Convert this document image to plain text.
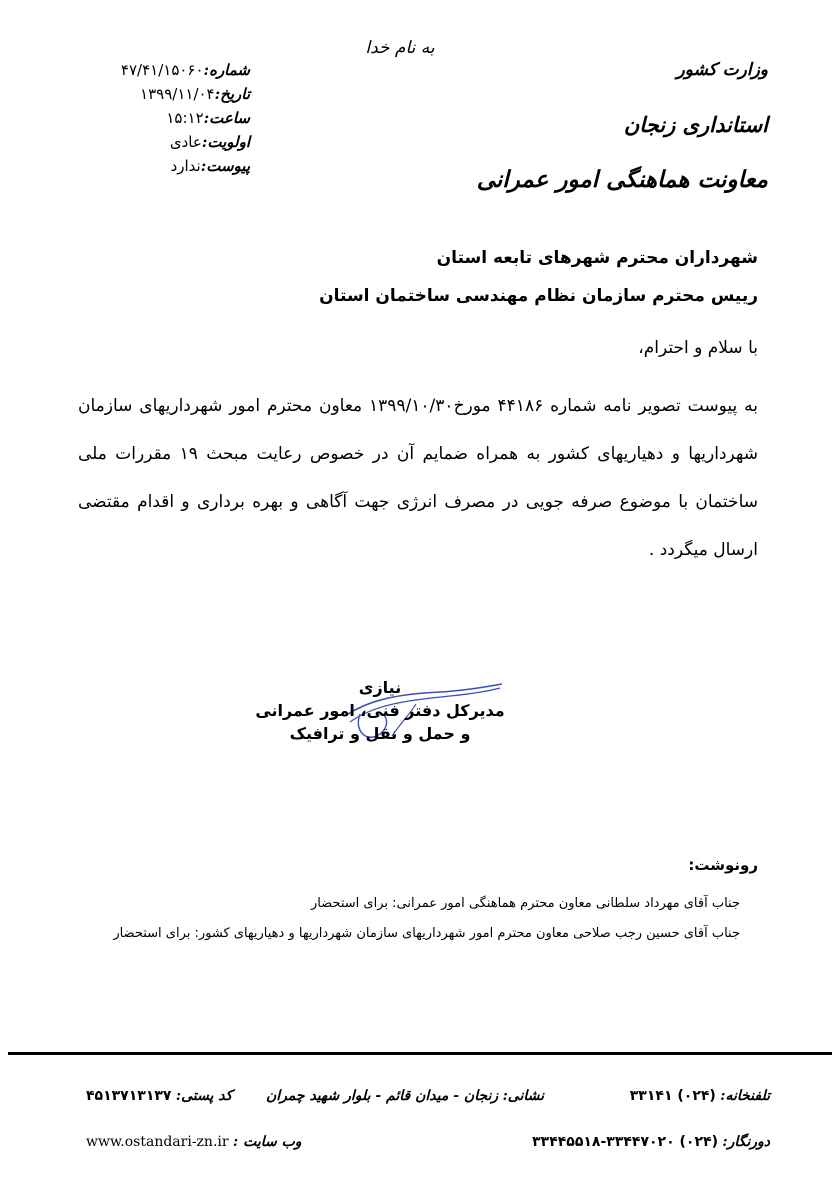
به نام خدا
وزارت کشور
استانداری زنجان
معاونت هماهنگی امور عمرانی
شماره:۴۷/۴۱/۱۵۰۶۰
تاریخ:۱۳۹۹/۱۱/۰۴
ساعت:۱۵:۱۲
اولویت:عادی
پیوست:ندارد
شهرداران محترم شهرهای تابعه استان
رییس محترم سازمان نظام مهندسی ساختمان استان
با سلام و احترام،
به پیوست تصویر نامه شماره ۴۴۱۸۶ مورخ۱۳۹۹/۱۰/۳۰ معاون محترم امور شهرداریهای سازمان شهرداریها و دهیاریهای کشور به همراه ضمایم آن در خصوص رعایت مبحث ۱۹ مقررات ملی ساختمان با موضوع صرفه جویی در مصرف انرژی جهت آگاهی و بهره برداری و اقدام مقتضی ارسال میگردد .
نیازی
مدیرکل دفتر فنی، امور عمرانی
و حمل و نقل و ترافیک
رونوشت:
جناب آقای مهرداد سلطانی معاون محترم هماهنگی امور عمرانی: برای استحضار
جناب آقای حسین رجب صلاحی معاون محترم امور شهرداریهای سازمان شهرداریها و دهیاریهای کشور: برای استحضار
تلفنخانه: (۰۲۴) ۳۳۱۴۱
نشانی: زنجان - میدان قائم - بلوار شهید چمران
کد پستی: ۴۵۱۳۷۱۳۱۳۷
دورنگار: (۰۲۴) ۳۳۴۴۷۰۲۰-۳۳۴۴۵۵۱۸
وب سایت : www.ostandari-zn.ir
